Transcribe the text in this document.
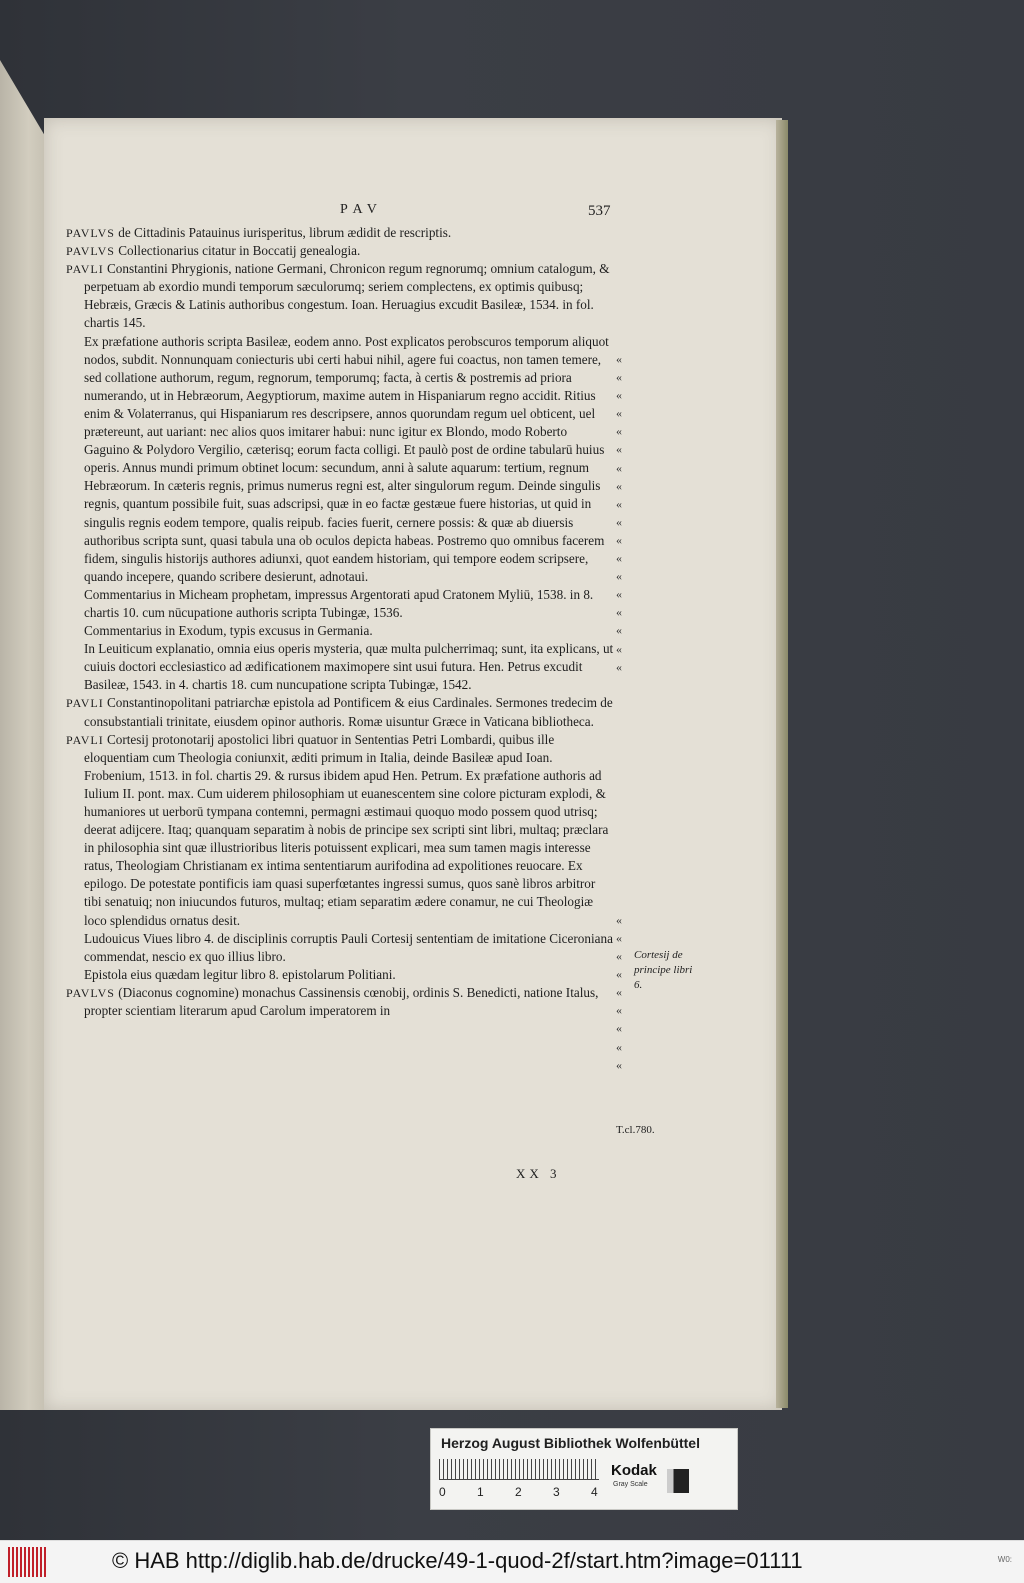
PAV	537

PAVLVS de Cittadinis Patauinus iurisperitus, librum ædidit de rescriptis.

PAVLVS Collectionarius citatur in Boccatij genealogia.

PAVLI Constantini Phrygionis, natione Germani, Chronicon regum regnorumq; omnium catalogum, & perpetuam ab exordio mundi temporum sæculorumq; seriem complectens, ex optimis quibusq; Hebræis, Græcis & Latinis authoribus congestum. Ioan. Heruagius excudit Basileæ, 1534. in fol. chartis 145.

Ex præfatione authoris scripta Basileæ, eodem anno. Post explicatos perobscuros temporum aliquot nodos, subdit. Nonnunquam coniecturis ubi certi habui nihil, agere fui coactus, non tamen temere, sed collatione authorum, regum, regnorum, temporumq; facta, à certis & postremis ad priora numerando, ut in Hebræorum, Aegyptiorum, maxime autem in Hispaniarum regno accidit. Ritius enim & Volaterranus, qui Hispaniarum res descripsere, annos quorundam regum uel obticent, uel prætereunt, aut uariant: nec alios quos imitarer habui: nunc igitur ex Blondo, modo Roberto Gaguino & Polydoro Vergilio, cæterisq; eorum facta colligi. Et paulò post de ordine tabularū huius operis. Annus mundi primum obtinet locum: secundum, anni à salute aquarum: tertium, regnum Hebræorum. In cæteris regnis, primus numerus regni est, alter singulorum regum. Deinde singulis regnis, quantum possibile fuit, suas adscripsi, quæ in eo factæ gestæue fuere historias, ut quid in singulis regnis eodem tempore, qualis reipub. facies fuerit, cernere possis: & quæ ab diuersis authoribus scripta sunt, quasi tabula una ob oculos depicta habeas. Postremo quo omnibus facerem fidem, singulis historijs authores adiunxi, quot eandem historiam, qui tempore eodem scripsere, quando incepere, quando scribere desierunt, adnotaui.

Commentarius in Micheam prophetam, impressus Argentorati apud Cratonem Myliū, 1538. in 8. chartis 10. cum nūcupatione authoris scripta Tubingæ, 1536.

Commentarius in Exodum, typis excusus in Germania.

In Leuiticum explanatio, omnia eius operis mysteria, quæ multa pulcherrimaq; sunt, ita explicans, ut cuiuis doctori ecclesiastico ad ædificationem maximopere sint usui futura. Hen. Petrus excudit Basileæ, 1543. in 4. chartis 18. cum nuncupatione scripta Tubingæ, 1542.

PAVLI Constantinopolitani patriarchæ epistola ad Pontificem & eius Cardinales. Sermones tredecim de consubstantiali trinitate, eiusdem opinor authoris. Romæ uisuntur Græce in Vaticana bibliotheca.

PAVLI Cortesij protonotarij apostolici libri quatuor in Sententias Petri Lombardi, quibus ille eloquentiam cum Theologia coniunxit, æditi primum in Italia, deinde Basileæ apud Ioan. Frobenium, 1513. in fol. chartis 29. & rursus ibidem apud Hen. Petrum. Ex præfatione authoris ad Iulium II. pont. max. Cum uiderem philosophiam ut euanescentem sine colore picturam explodi, & humaniores ut uerborū tympana contemni, permagni æstimaui quoquo modo possem quod utrisq; deerat adijcere. Itaq; quanquam separatim à nobis de principe sex scripti sint libri, multaq; præclara in philosophia sint quæ illustrioribus literis potuissent explicari, mea sum tamen magis interesse ratus, Theologiam Christianam ex intima sententiarum aurifodina ad expolitiones reuocare. Ex epilogo. De potestate pontificis iam quasi superfœtantes ingressi sumus, quos sanè libros arbitror tibi senatuiq; non iniucundos futuros, multaq; etiam separatim ædere conamur, ne cui Theologiæ loco splendidus ornatus desit.

Ludouicus Viues libro 4. de disciplinis corruptis Pauli Cortesij sententiam de imitatione Ciceroniana commendat, nescio ex quo illius libro.

Epistola eius quædam legitur libro 8. epistolarum Politiani.

PAVLVS (Diaconus cognomine) monachus Cassinensis cœnobij, ordinis S. Benedicti, natione Italus, propter scientiam literarum apud Carolum imperatorem in

«
«
«
«
«
«
«
«
«
«
«
«
«
«
«
«
«
«

«
«
«
«
«
«
«
«
«
Cortesij de principe libri 6.
T.cl.780.
XX 3
Herzog August Bibliothek Wolfenbüttel
0	1	2	3	4
Kodak
Gray Scale
© HAB http://diglib.hab.de/drucke/49-1-quod-2f/start.htm?image=01111	W0:
